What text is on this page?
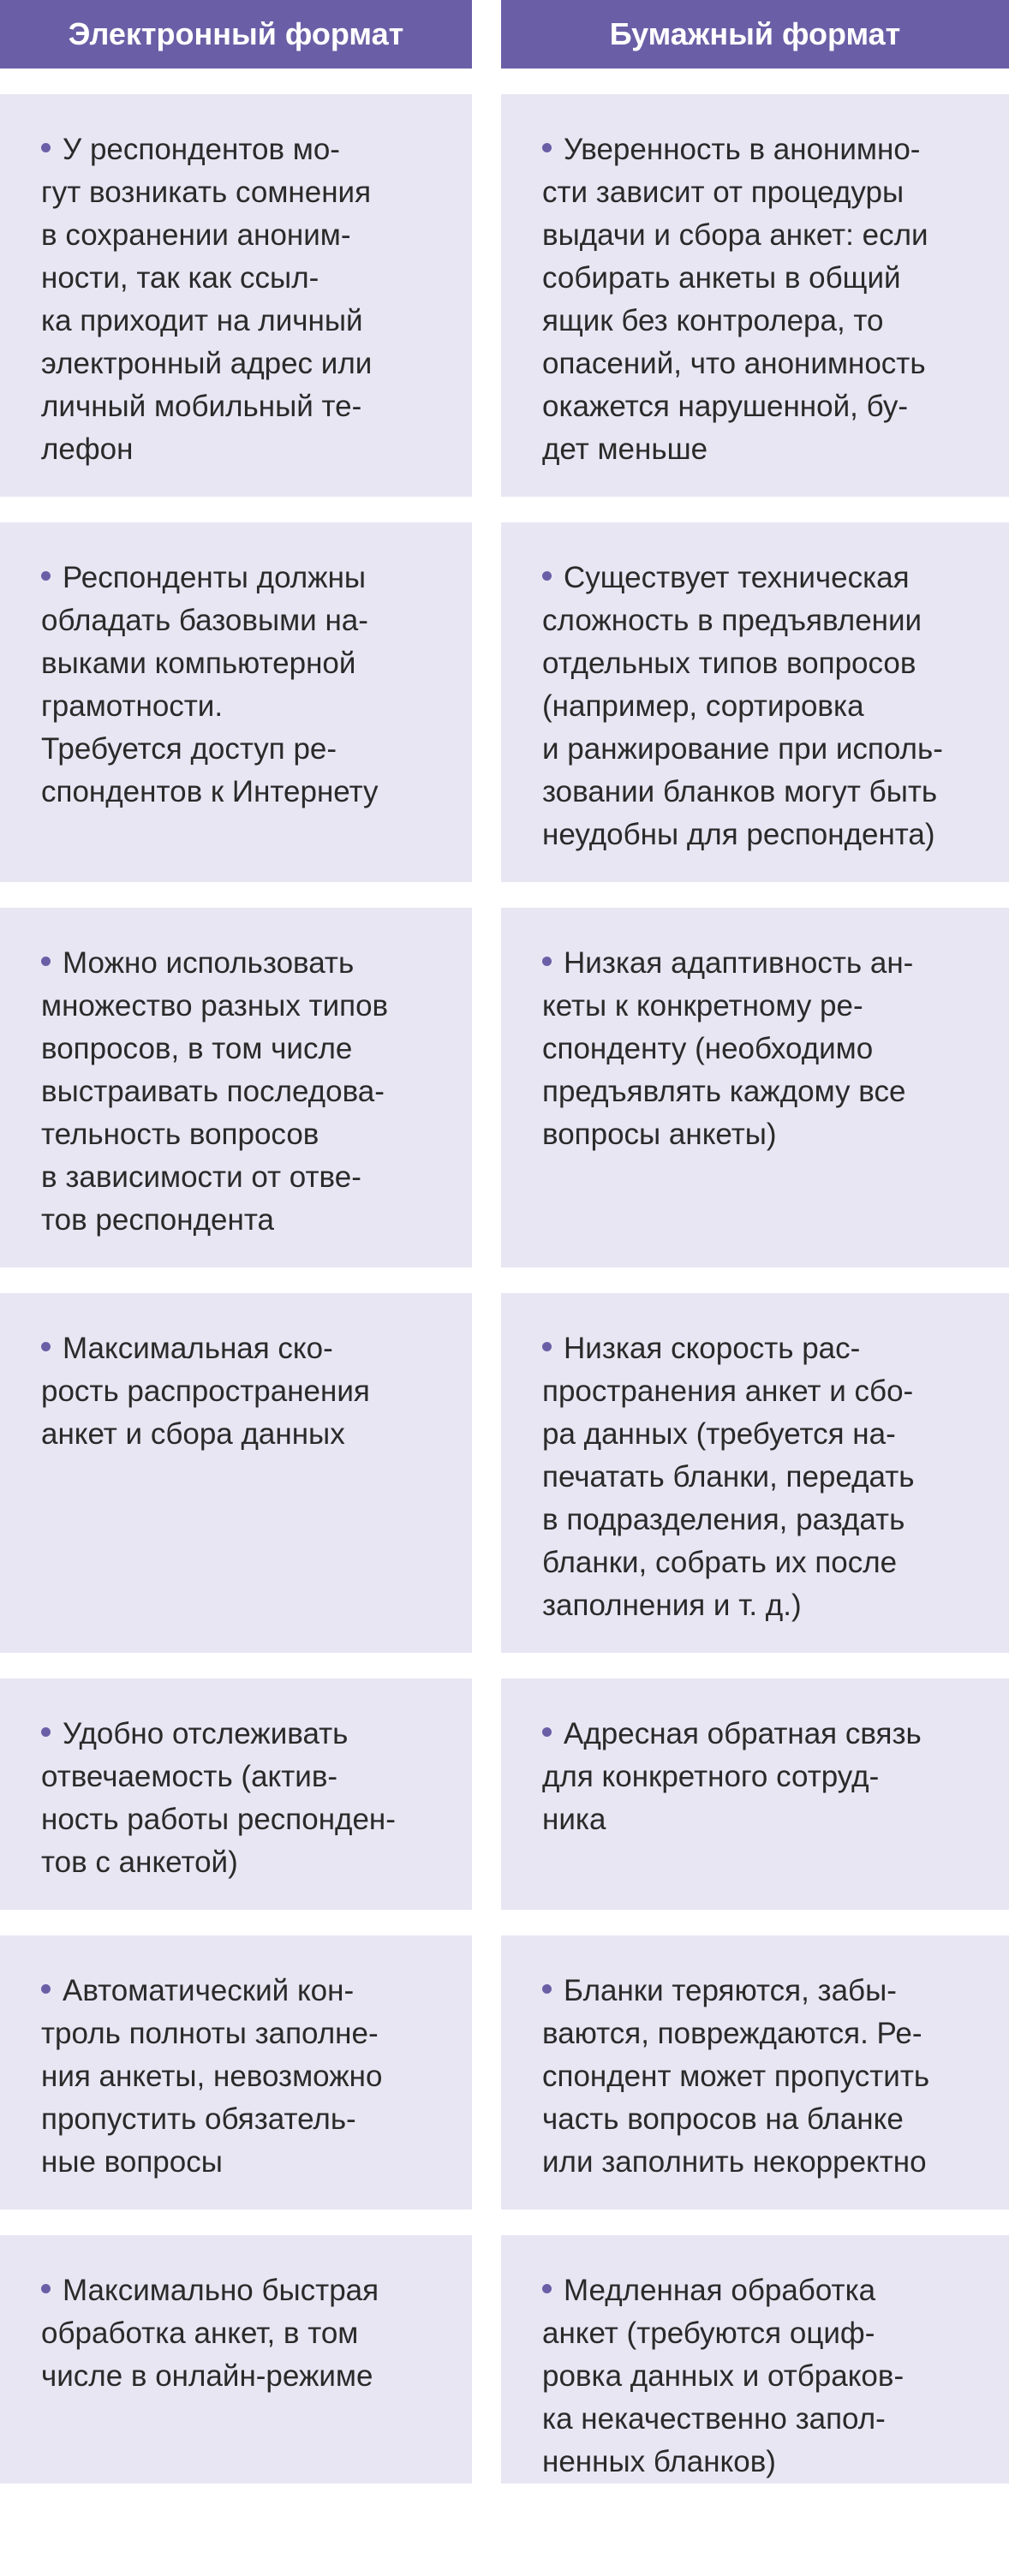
Электронный формат	Бумажный формат
У респондентов мо-
гут возникать сомнения
в сохранении аноним-
ности, так как ссыл-
ка приходит на личный
электронный адрес или
личный мобильный те-
лефон
Уверенность в анонимно-
сти зависит от процедуры
выдачи и сбора анкет: если
собирать анкеты в общий
ящик без контролера, то
опасений, что анонимность
окажется нарушенной, бу-
дет меньше
Респонденты должны
обладать базовыми на-
выками компьютерной
грамотности.
Требуется доступ ре-
спондентов к Интернету
Существует техническая
сложность в предъявлении
отдельных типов вопросов
(например, сортировка
и ранжирование при исполь-
зовании бланков могут быть
неудобны для респондента)
Можно использовать
множество разных типов
вопросов, в том числе
выстраивать последова-
тельность вопросов
в зависимости от отве-
тов респондента
Низкая адаптивность ан-
кеты к конкретному ре-
спонденту (необходимо
предъявлять каждому все
вопросы анкеты)
Максимальная ско-
рость распространения
анкет и сбора данных
Низкая скорость рас-
пространения анкет и сбо-
ра данных (требуется на-
печатать бланки, передать
в подразделения, раздать
бланки, собрать их после
заполнения и т. д.)
Удобно отслеживать
отвечаемость (актив-
ность работы респонден-
тов с анкетой)
Адресная обратная связь
для конкретного сотруд-
ника
Автоматический кон-
троль полноты заполне-
ния анкеты, невозможно
пропустить обязатель-
ные вопросы
Бланки теряются, забы-
ваются, повреждаются. Ре-
спондент может пропустить
часть вопросов на бланке
или заполнить некорректно
Максимально быстрая
обработка анкет, в том
числе в онлайн-режиме
Медленная обработка
анкет (требуются оциф-
ровка данных и отбраков-
ка некачественно запол-
ненных бланков)
